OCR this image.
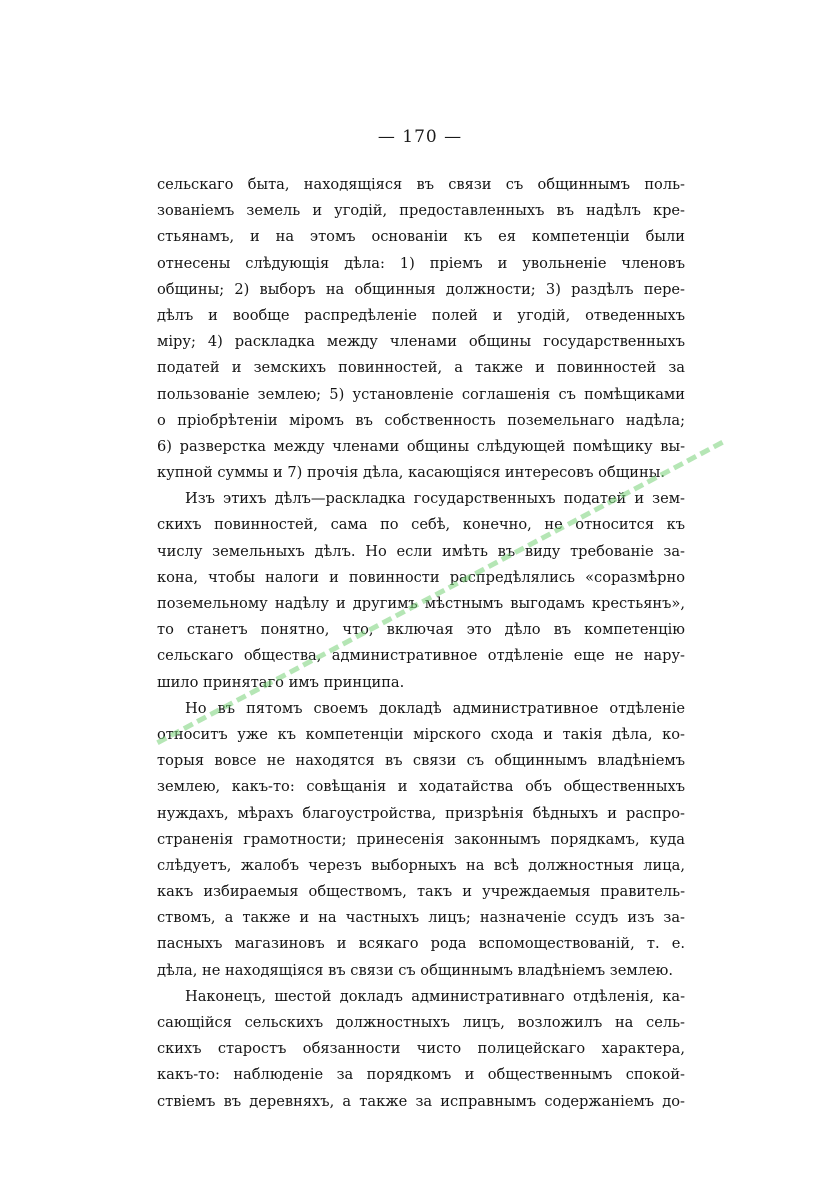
— 170 —
сельскаго быта, находящіяся въ связи съ общиннымъ поль-
зованіемъ земель и угодій, предоставленныхъ въ надѣлъ кре-
стьянамъ, и на этомъ основаніи къ ея компетенціи были
отнесены слѣдующія дѣла: 1) пріемъ и увольненіе членовъ
общины; 2) выборъ на общинныя должности; 3) раздѣлъ пере-
дѣлъ и вообще распредѣленіе полей и угодій, отведенныхъ
міру; 4) раскладка между членами общины государственныхъ
податей и земскихъ повинностей, а также и повинностей за
пользованіе землею; 5) установленіе соглашенія съ помѣщиками
о пріобрѣтеніи міромъ въ собственность поземельнаго надѣла;
6) разверстка между членами общины слѣдующей помѣщику вы-
купной суммы и 7) прочія дѣла, касающіяся интересовъ общины.
Изъ этихъ дѣлъ—раскладка государственныхъ податей и зем-
скихъ повинностей, сама по себѣ, конечно, не относится къ
числу земельныхъ дѣлъ. Но если имѣть въ виду требованіе за-
кона, чтобы налоги и повинности распредѣлялись «соразмѣрно
поземельному надѣлу и другимъ мѣстнымъ выгодамъ крестьянъ»,
то станетъ понятно, что, включая это дѣло въ компетенцію
сельскаго общества, административное отдѣленіе еще не нару-
шило принятаго имъ принципа.
Но въ пятомъ своемъ докладѣ административное отдѣленіе
относитъ уже къ компетенціи мірского схода и такія дѣла, ко-
торыя вовсе не находятся въ связи съ общиннымъ владѣніемъ
землею, какъ-то: совѣщанія и ходатайства объ общественныхъ
нуждахъ, мѣрахъ благоустройства, призрѣнія бѣдныхъ и распро-
страненія грамотности; принесенія законнымъ порядкамъ, куда
слѣдуетъ, жалобъ черезъ выборныхъ на всѣ должностныя лица,
какъ избираемыя обществомъ, такъ и учреждаемыя правитель-
ствомъ, а также и на частныхъ лицъ; назначеніе ссудъ изъ за-
пасныхъ магазиновъ и всякаго рода вспомоществованій, т. е.
дѣла, не находящіяся въ связи съ общиннымъ владѣніемъ землею.
Наконецъ, шестой докладъ административнаго отдѣленія, ка-
сающійся сельскихъ должностныхъ лицъ, возложилъ на сель-
скихъ старостъ обязанности чисто полицейскаго характера,
какъ-то: наблюденіе за порядкомъ и общественнымъ спокой-
ствіемъ въ деревняхъ, а также за исправнымъ содержаніемъ до-
